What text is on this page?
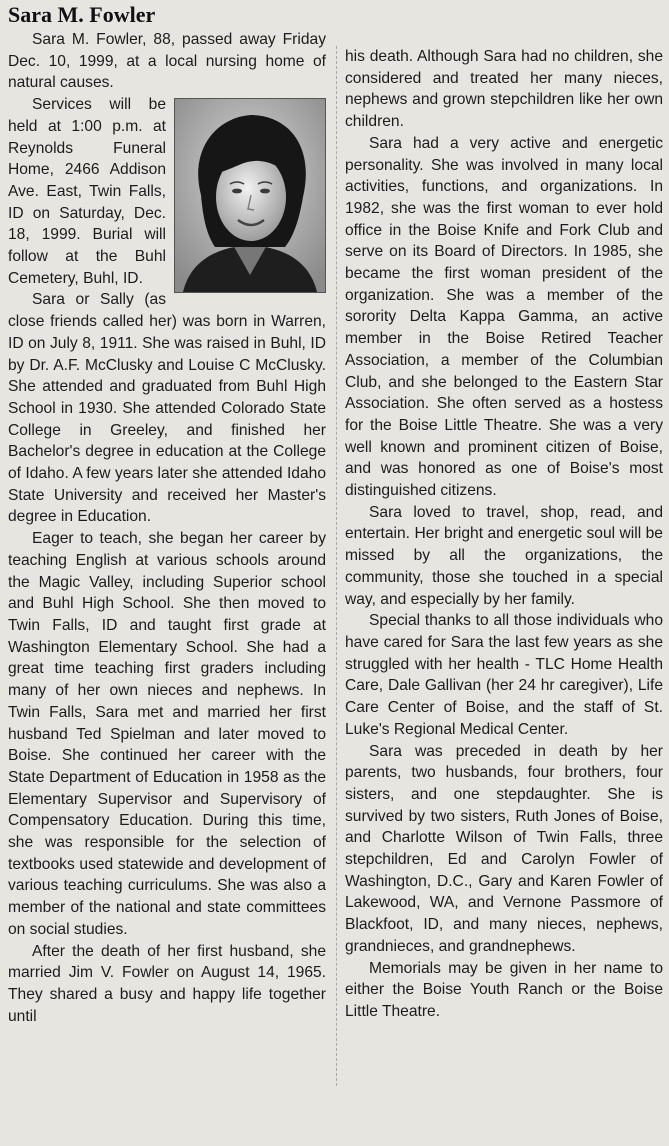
Sara M. Fowler

Sara M. Fowler, 88, passed away Friday Dec. 10, 1999, at a local nursing home of natural causes.

Services will be held at 1:00 p.m. at Reynolds Funeral Home, 2466 Addison Ave. East, Twin Falls, ID on Saturday, Dec. 18, 1999. Burial will follow at the Buhl Cemetery, Buhl, ID.

Sara or Sally (as close friends called her) was born in Warren, ID on July 8, 1911. She was raised in Buhl, ID by Dr. A.F. McClusky and Louise C McClusky. She attended and graduated from Buhl High School in 1930. She attended Colorado State College in Greeley, and finished her Bachelor's degree in education at the College of Idaho. A few years later she attended Idaho State University and received her Master's degree in Education.

Eager to teach, she began her career by teaching English at various schools around the Magic Valley, including Superior school and Buhl High School. She then moved to Twin Falls, ID and taught first grade at Washington Elementary School. She had a great time teaching first graders including many of her own nieces and nephews. In Twin Falls, Sara met and married her first husband Ted Spielman and later moved to Boise. She continued her career with the State Department of Education in 1958 as the Elementary Supervisor and Supervisory of Compensatory Education. During this time, she was responsible for the selection of textbooks used statewide and development of various teaching curriculums. She was also a member of the national and state committees on social studies.

After the death of her first husband, she married Jim V. Fowler on August 14, 1965. They shared a busy and happy life together until

his death. Although Sara had no children, she considered and treated her many nieces, nephews and grown stepchildren like her own children.

Sara had a very active and energetic personality. She was involved in many local activities, functions, and organizations. In 1982, she was the first woman to ever hold office in the Boise Knife and Fork Club and serve on its Board of Directors. In 1985, she became the first woman president of the organization. She was a member of the sorority Delta Kappa Gamma, an active member in the Boise Retired Teacher Association, a member of the Columbian Club, and she belonged to the Eastern Star Association. She often served as a hostess for the Boise Little Theatre. She was a very well known and prominent citizen of Boise, and was honored as one of Boise's most distinguished citizens.

Sara loved to travel, shop, read, and entertain. Her bright and energetic soul will be missed by all the organizations, the community, those she touched in a special way, and especially by her family.

Special thanks to all those individuals who have cared for Sara the last few years as she struggled with her health - TLC Home Health Care, Dale Gallivan (her 24 hr caregiver), Life Care Center of Boise, and the staff of St. Luke's Regional Medical Center.

Sara was preceded in death by her parents, two husbands, four brothers, four sisters, and one stepdaughter. She is survived by two sisters, Ruth Jones of Boise, and Charlotte Wilson of Twin Falls, three stepchildren, Ed and Carolyn Fowler of Washington, D.C., Gary and Karen Fowler of Lakewood, WA, and Vernone Passmore of Blackfoot, ID, and many nieces, nephews, grandnieces, and grandnephews.

Memorials may be given in her name to either the Boise Youth Ranch or the Boise Little Theatre.
